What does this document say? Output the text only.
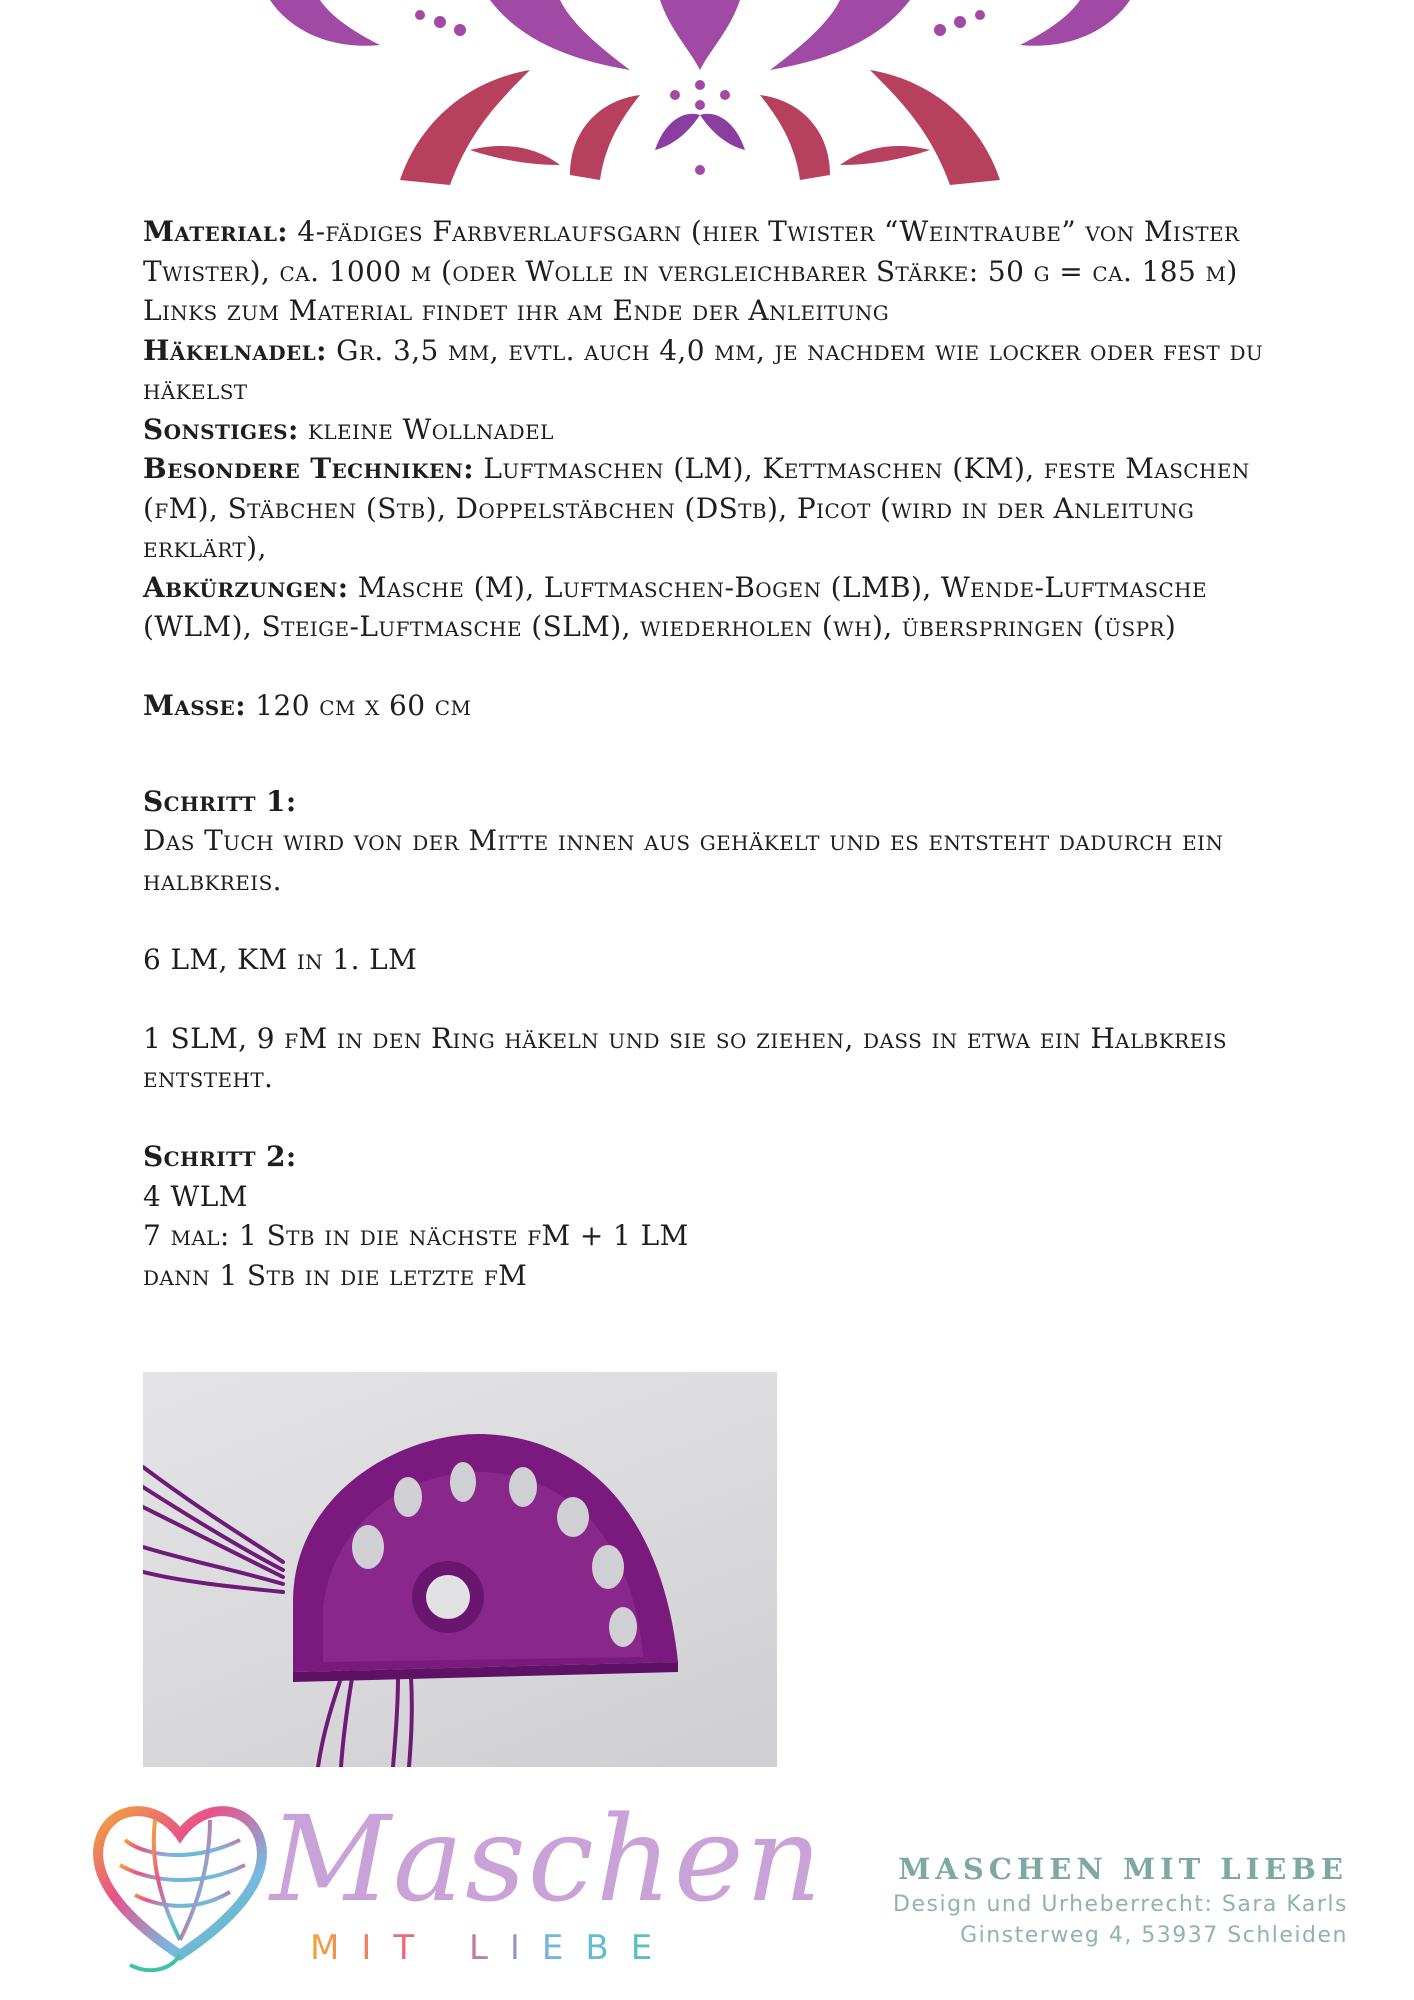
Material: 4-fädiges Farbverlaufsgarn (hier Twister “Weintraube” von Mister Twister), ca. 1000 m (oder Wolle in vergleichbarer Stärke: 50 g = ca. 185 m)

Links zum Material findet ihr am Ende der Anleitung

Häkelnadel: Gr. 3,5 mm, evtl. auch 4,0 mm, je nachdem wie locker oder fest du häkelst

Sonstiges: kleine Wollnadel

Besondere Techniken: Luftmaschen (LM), Kettmaschen (KM), feste Maschen (fM), Stäbchen (Stb), Doppelstäbchen (DStb), Picot (wird in der Anleitung erklärt),

Abkürzungen: Masche (M), Luftmaschen-Bogen (LMB), Wende-Luftmasche (WLM), Steige-Luftmasche (SLM), wiederholen (wh), überspringen (üspr)

Masse: 120 cm x 60 cm

Schritt 1:

Das Tuch wird von der Mitte innen aus gehäkelt und es entsteht dadurch ein halbkreis.

6 LM, KM in 1. LM

1 SLM, 9 fM in den Ring häkeln und sie so ziehen, dass in etwa ein Halbkreis entsteht.

Schritt 2:

4 WLM

7 mal: 1 Stb in die nächste fM + 1 LM

dann 1 Stb in die letzte fM

Maschen
MIT LIEBE
MASCHEN MIT LIEBE
Design und Urheberrecht: Sara Karls
Ginsterweg 4, 53937 Schleiden
